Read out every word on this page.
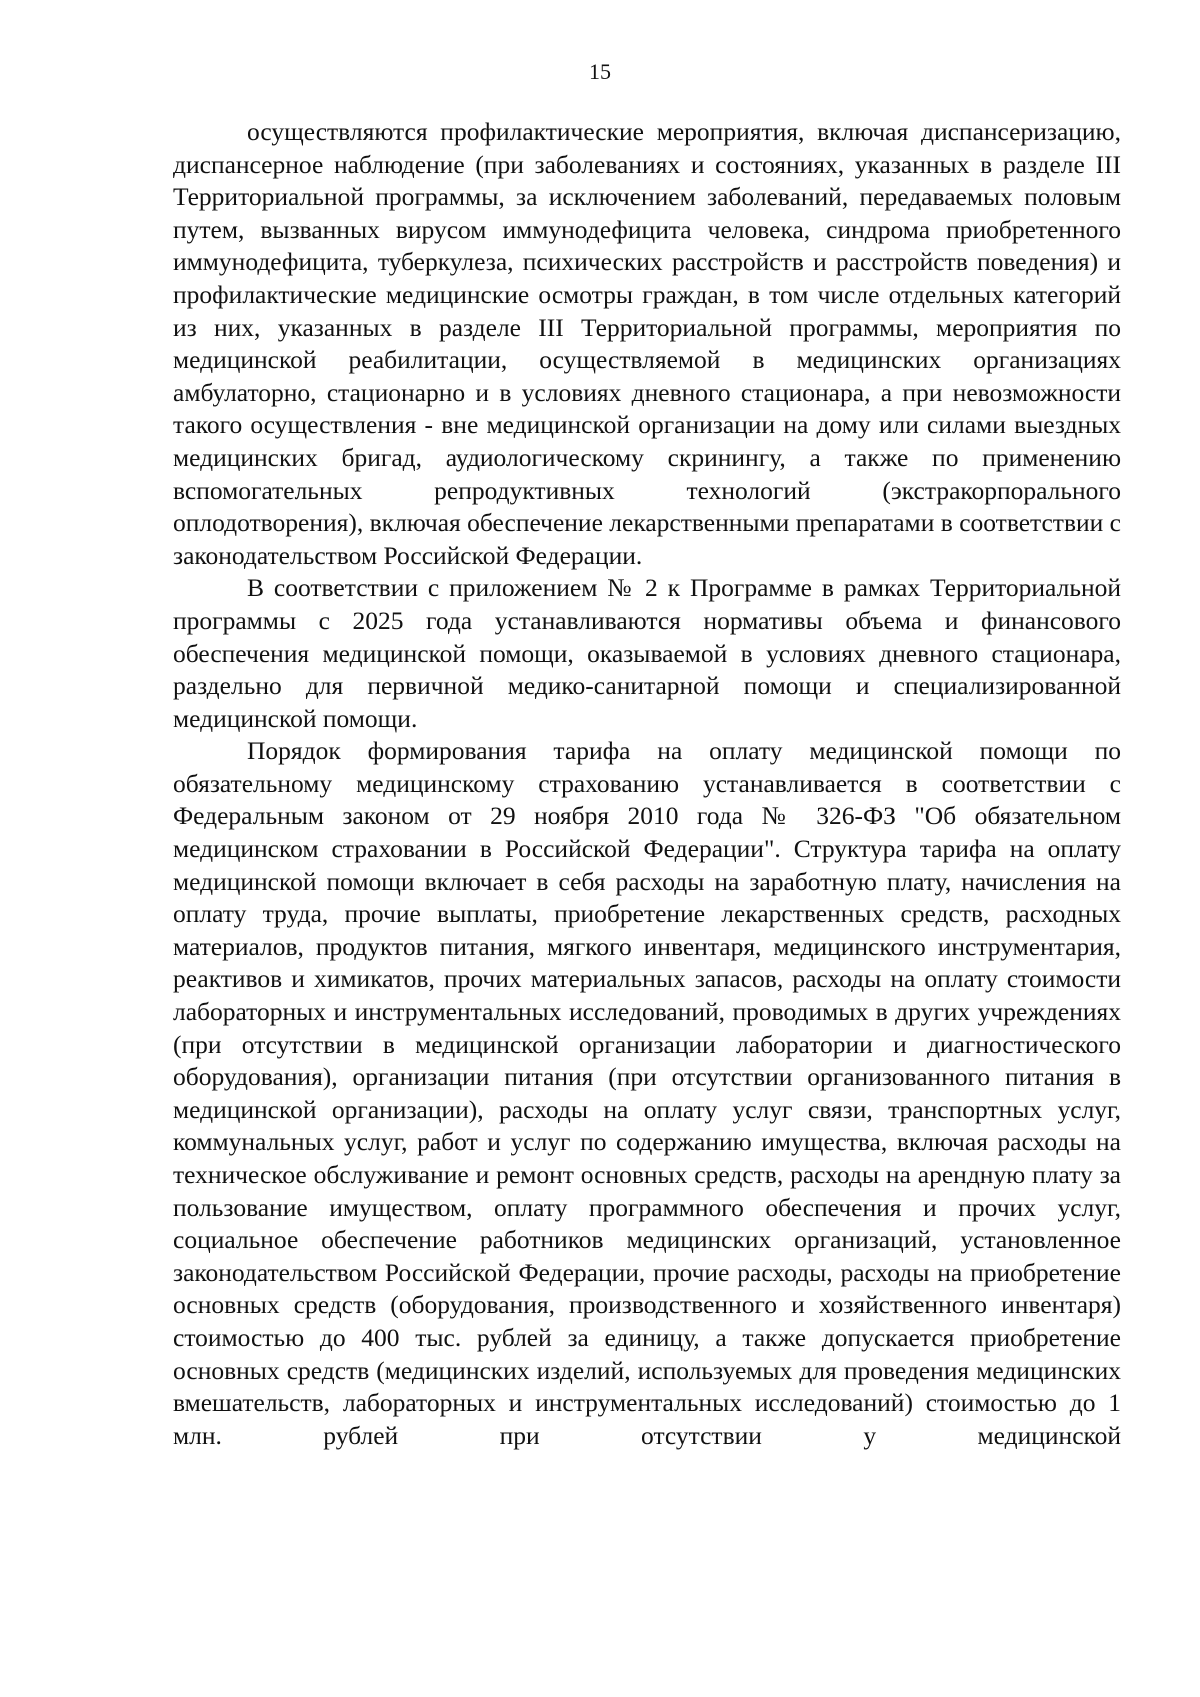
15

осуществляются профилактические мероприятия, включая диспансеризацию, диспансерное наблюдение (при заболеваниях и состояниях, указанных в разделе III Территориальной программы, за исключением заболеваний, передаваемых половым путем, вызванных вирусом иммунодефицита человека, синдрома приобретенного иммунодефицита, туберкулеза, психических расстройств и расстройств поведения) и профилактические медицинские осмотры граждан, в том числе отдельных категорий из них, указанных в разделе III Территориальной программы, мероприятия по медицинской реабилитации, осуществляемой в медицинских организациях амбулаторно, стационарно и в условиях дневного стационара, а при невозможности такого осуществления - вне медицинской организации на дому или силами выездных медицинских бригад, аудиологическому скринингу, а также по применению вспомогательных репродуктивных технологий (экстракорпорального оплодотворения), включая обеспечение лекарственными препаратами в соответствии с законодательством Российской Федерации.

В соответствии с приложением № 2 к Программе в рамках Территориальной программы с 2025 года устанавливаются нормативы объема и финансового обеспечения медицинской помощи, оказываемой в условиях дневного стационара, раздельно для первичной медико-санитарной помощи и специализированной медицинской помощи.

Порядок формирования тарифа на оплату медицинской помощи по обязательному медицинскому страхованию устанавливается в соответствии с Федеральным законом от 29 ноября 2010 года № 326-ФЗ "Об обязательном медицинском страховании в Российской Федерации". Структура тарифа на оплату медицинской помощи включает в себя расходы на заработную плату, начисления на оплату труда, прочие выплаты, приобретение лекарственных средств, расходных материалов, продуктов питания, мягкого инвентаря, медицинского инструментария, реактивов и химикатов, прочих материальных запасов, расходы на оплату стоимости лабораторных и инструментальных исследований, проводимых в других учреждениях (при отсутствии в медицинской организации лаборатории и диагностического оборудования), организации питания (при отсутствии организованного питания в медицинской организации), расходы на оплату услуг связи, транспортных услуг, коммунальных услуг, работ и услуг по содержанию имущества, включая расходы на техническое обслуживание и ремонт основных средств, расходы на арендную плату за пользование имуществом, оплату программного обеспечения и прочих услуг, социальное обеспечение работников медицинских организаций, установленное законодательством Российской Федерации, прочие расходы, расходы на приобретение основных средств (оборудования, производственного и хозяйственного инвентаря) стоимостью до 400 тыс. рублей за единицу, а также допускается приобретение основных средств (медицинских изделий, используемых для проведения медицинских вмешательств, лабораторных и инструментальных исследований) стоимостью до 1 млн. рублей при отсутствии у медицинской
